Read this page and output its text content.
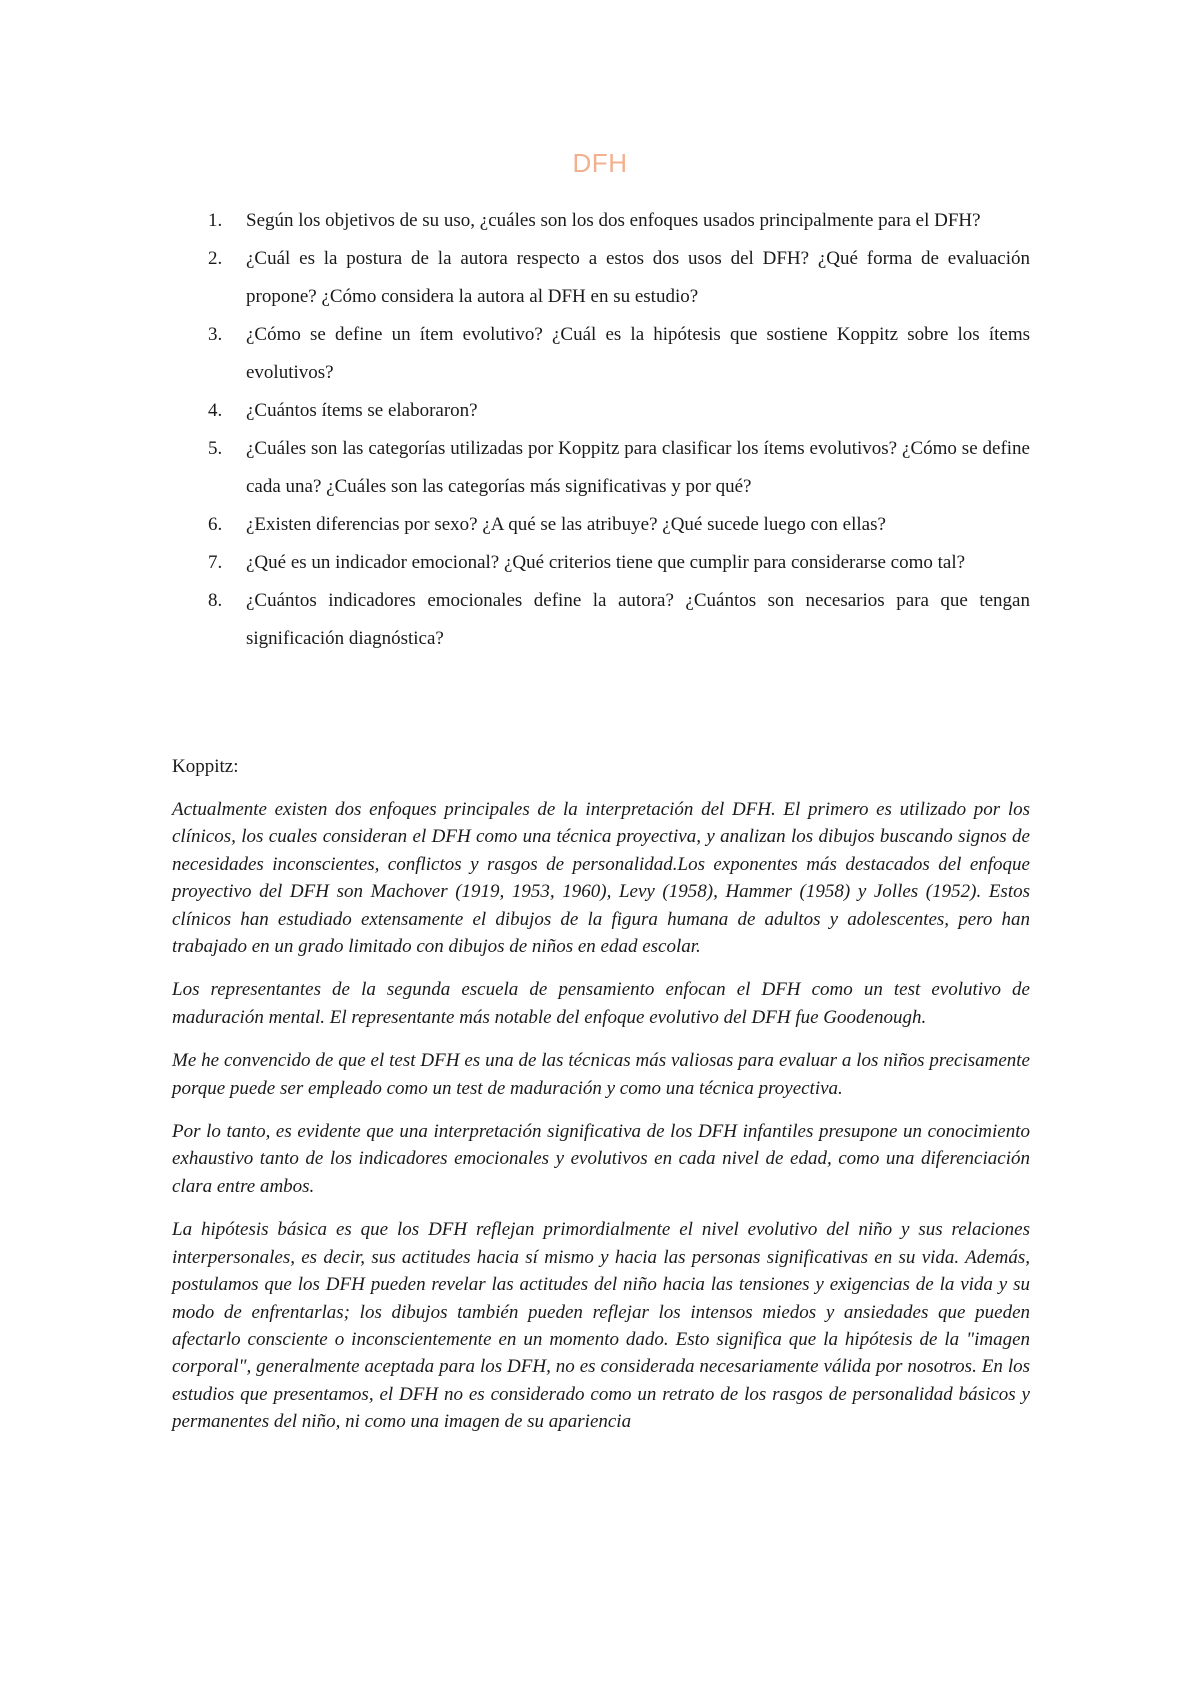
DFH
1. Según los objetivos de su uso, ¿cuáles son los dos enfoques usados principalmente para el DFH?
2. ¿Cuál es la postura de la autora respecto a estos dos usos del DFH? ¿Qué forma de evaluación propone? ¿Cómo considera la autora al DFH en su estudio?
3. ¿Cómo se define un ítem evolutivo? ¿Cuál es la hipótesis que sostiene Koppitz sobre los ítems evolutivos?
4. ¿Cuántos ítems se elaboraron?
5. ¿Cuáles son las categorías utilizadas por Koppitz para clasificar los ítems evolutivos? ¿Cómo se define cada una? ¿Cuáles son las categorías más significativas y por qué?
6. ¿Existen diferencias por sexo? ¿A qué se las atribuye? ¿Qué sucede luego con ellas?
7. ¿Qué es un indicador emocional? ¿Qué criterios tiene que cumplir para considerarse como tal?
8. ¿Cuántos indicadores emocionales define la autora? ¿Cuántos son necesarios para que tengan significación diagnóstica?
Koppitz:

Actualmente existen dos enfoques principales de la interpretación del DFH. El primero es utilizado por los clínicos, los cuales consideran el DFH como una técnica proyectiva, y analizan los dibujos buscando signos de necesidades inconscientes, conflictos y rasgos de personalidad.Los exponentes más destacados del enfoque proyectivo del DFH son Machover (1919, 1953, 1960), Levy (1958), Hammer (1958) y Jolles (1952). Estos clínicos han estudiado extensamente el dibujos de la figura humana de adultos y adolescentes, pero han trabajado en un grado limitado con dibujos de niños en edad escolar.

Los representantes de la segunda escuela de pensamiento enfocan el DFH como un test evolutivo de maduración mental. El representante más notable del enfoque evolutivo del DFH fue Goodenough.

Me he convencido de que el test DFH es una de las técnicas más valiosas para evaluar a los niños precisamente porque puede ser empleado como un test de maduración y como una técnica proyectiva.

Por lo tanto, es evidente que una interpretación significativa de los DFH infantiles presupone un conocimiento exhaustivo tanto de los indicadores emocionales y evolutivos en cada nivel de edad, como una diferenciación clara entre ambos.

La hipótesis básica es que los DFH reflejan primordialmente el nivel evolutivo del niño y sus relaciones interpersonales, es decir, sus actitudes hacia sí mismo y hacia las personas significativas en su vida. Además, postulamos que los DFH pueden revelar las actitudes del niño hacia las tensiones y exigencias de la vida y su modo de enfrentarlas; los dibujos también pueden reflejar los intensos miedos y ansiedades que pueden afectarlo consciente o inconscientemente en un momento dado. Esto significa que la hipótesis de la "imagen corporal", generalmente aceptada para los DFH, no es considerada necesariamente válida por nosotros. En los estudios que presentamos, el DFH no es considerado como un retrato de los rasgos de personalidad básicos y permanentes del niño, ni como una imagen de su apariencia
